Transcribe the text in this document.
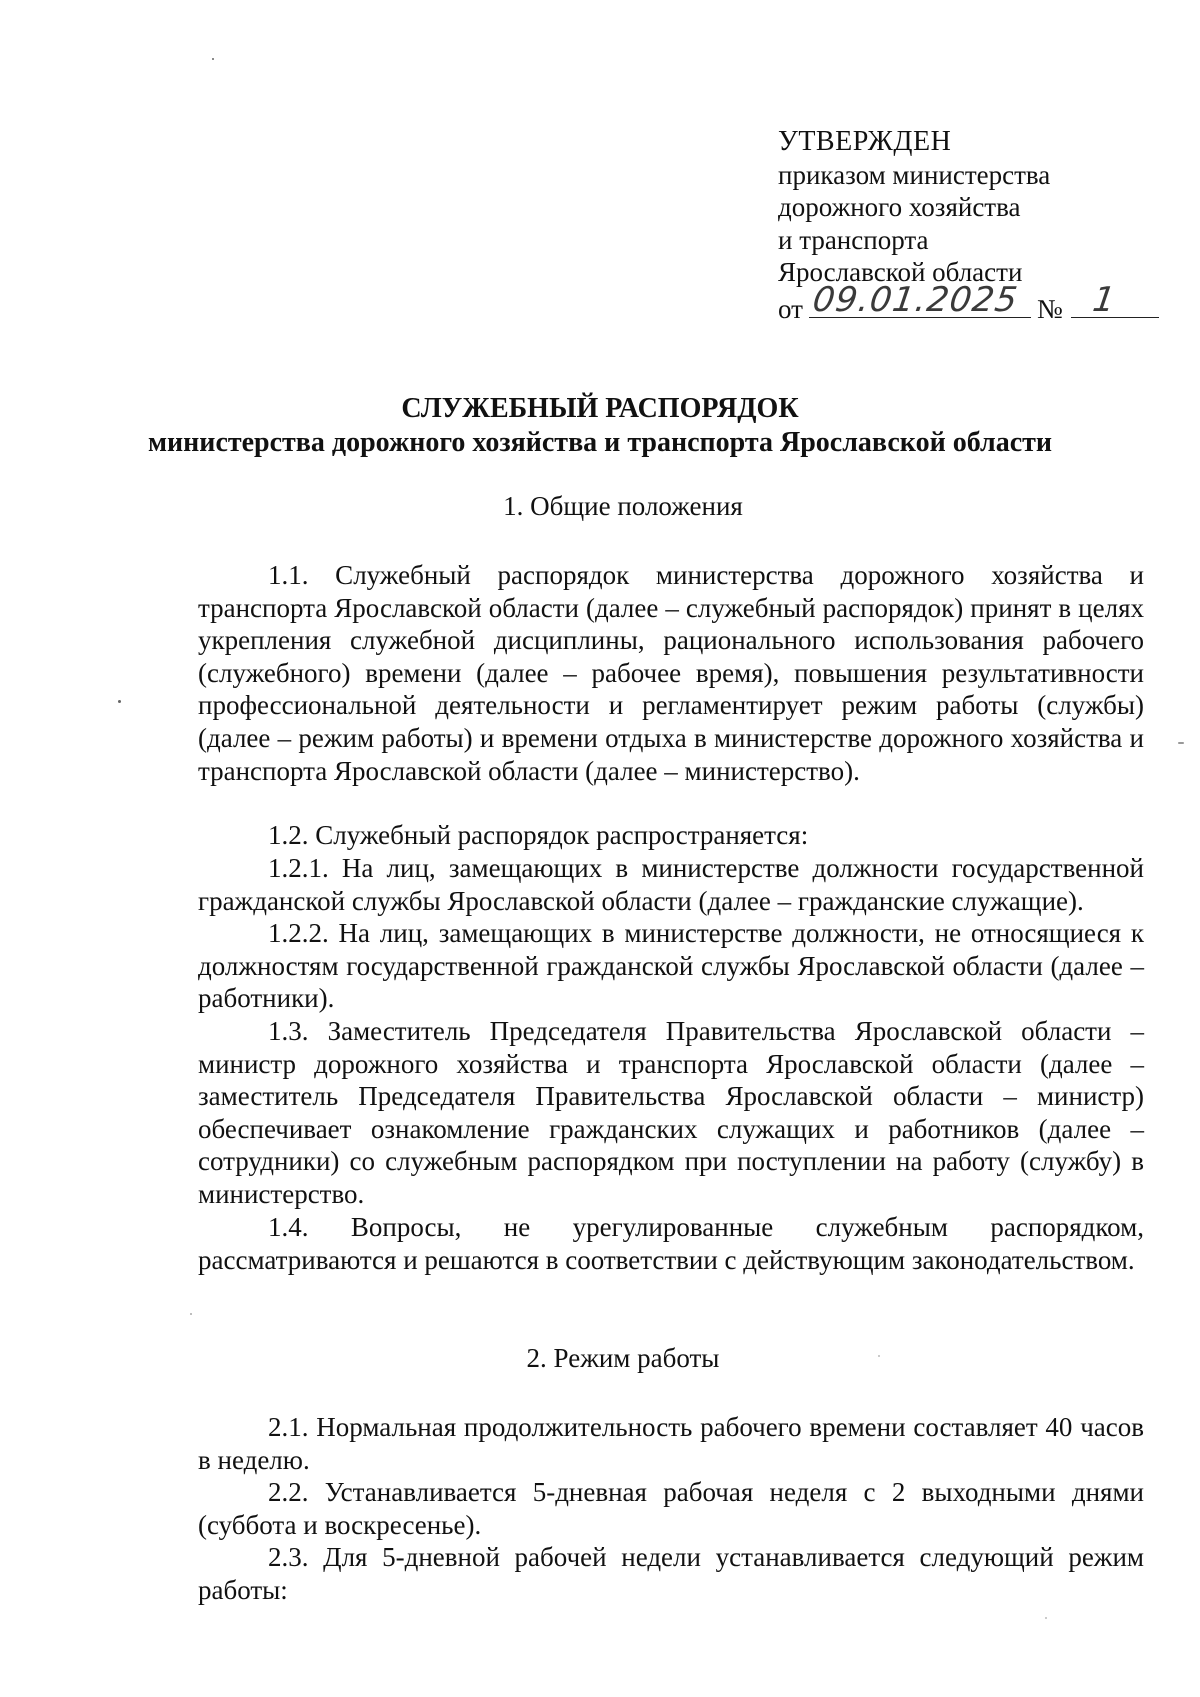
УТВЕРЖДЕН
приказом министерства
дорожного хозяйства
и транспорта
Ярославской области
от 09.01.2025 № 1
СЛУЖЕБНЫЙ РАСПОРЯДОК
министерства дорожного хозяйства и транспорта Ярославской области
1. Общие положения

1.1. Служебный распорядок министерства дорожного хозяйства и транспорта Ярославской области (далее – служебный распорядок) принят в целях укрепления служебной дисциплины, рационального использования рабочего (служебного) времени (далее – рабочее время), повышения результативности профессиональной деятельности и регламентирует режим работы (службы) (далее – режим работы) и времени отдыха в министерстве дорожного хозяйства и транспорта Ярославской области (далее – министерство).

1.2. Служебный распорядок распространяется:

1.2.1. На лиц, замещающих в министерстве должности государственной гражданской службы Ярославской области (далее – гражданские служащие).

1.2.2. На лиц, замещающих в министерстве должности, не относящиеся к должностям государственной гражданской службы Ярославской области (далее – работники).

1.3. Заместитель Председателя Правительства Ярославской области – министр дорожного хозяйства и транспорта Ярославской области (далее – заместитель Председателя Правительства Ярославской области – министр) обеспечивает ознакомление гражданских служащих и работников (далее – сотрудники) со служебным распорядком при поступлении на работу (службу) в министерство.

1.4. Вопросы, не урегулированные служебным распорядком, рассматриваются и решаются в соответствии с действующим законодательством.

2. Режим работы

2.1. Нормальная продолжительность рабочего времени составляет 40 часов в неделю.

2.2. Устанавливается 5-дневная рабочая неделя с 2 выходными днями (суббота и воскресенье).

2.3. Для 5-дневной рабочей недели устанавливается следующий режим работы:
